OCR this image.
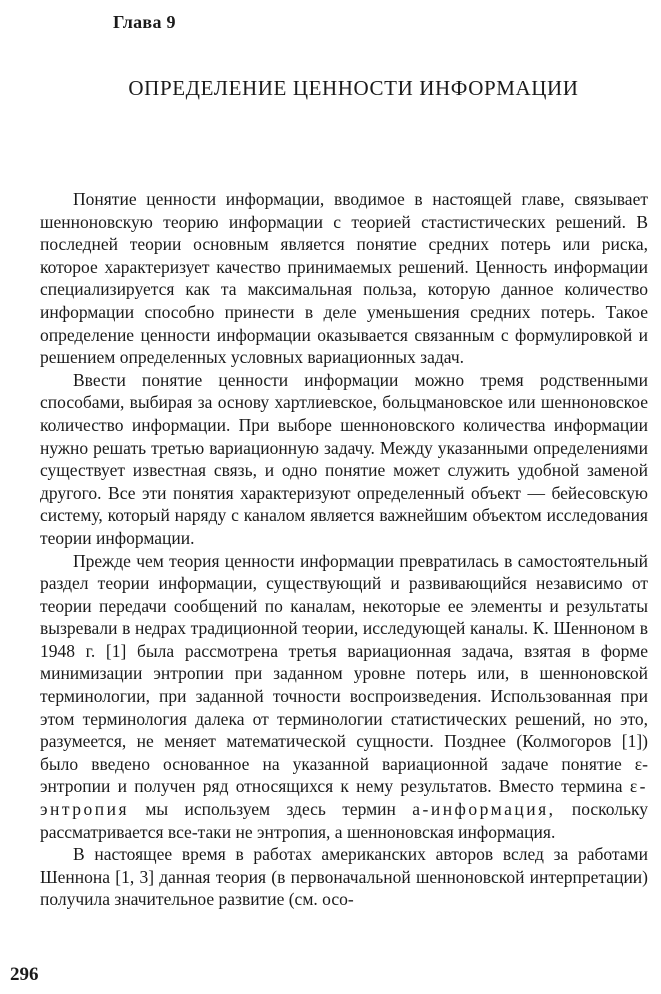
Глава 9
ОПРЕДЕЛЕНИЕ ЦЕННОСТИ ИНФОРМАЦИИ

Понятие ценности информации, вводимое в настоящей главе, связывает шенноновскую теорию информации с теорией стастистических решений. В последней теории основным является понятие средних потерь или риска, которое характеризует качество принимаемых решений. Ценность информации специализируется как та максимальная польза, которую данное количество информации способно принести в деле уменьшения средних потерь. Такое определение ценности информации оказывается связанным с формулировкой и решением определенных условных вариационных задач.

Ввести понятие ценности информации можно тремя родственными способами, выбирая за основу хартлиевское, больцмановское или шенноновское количество информации. При выборе шенноновского количества информации нужно решать третью вариационную задачу. Между указанными определениями существует известная связь, и одно понятие может служить удобной заменой другого. Все эти понятия характеризуют определенный объект — бейесовскую систему, который наряду с каналом является важнейшим объектом исследования теории информации.

Прежде чем теория ценности информации превратилась в самостоятельный раздел теории информации, существующий и развивающийся независимо от теории передачи сообщений по каналам, некоторые ее элементы и результаты вызревали в недрах традиционной теории, исследующей каналы. К. Шенноном в 1948 г. [1] была рассмотрена третья вариационная задача, взятая в форме минимизации энтропии при заданном уровне потерь или, в шенноновской терминологии, при заданной точности воспроизведения. Использованная при этом терминология далека от терминологии статистических решений, но это, разумеется, не меняет математической сущности. Позднее (Колмогоров [1]) было введено основанное на указанной вариационной задаче понятие ε-энтропии и получен ряд относящихся к нему результатов. Вместо термина ε-энтропия мы используем здесь термин а-информация, поскольку рассматривается все-таки не энтропия, а шенноновская информация.

В настоящее время в работах американских авторов вслед за работами Шеннона [1, 3] данная теория (в первоначальной шенноновской интерпретации) получила значительное развитие (см. осо-

296
